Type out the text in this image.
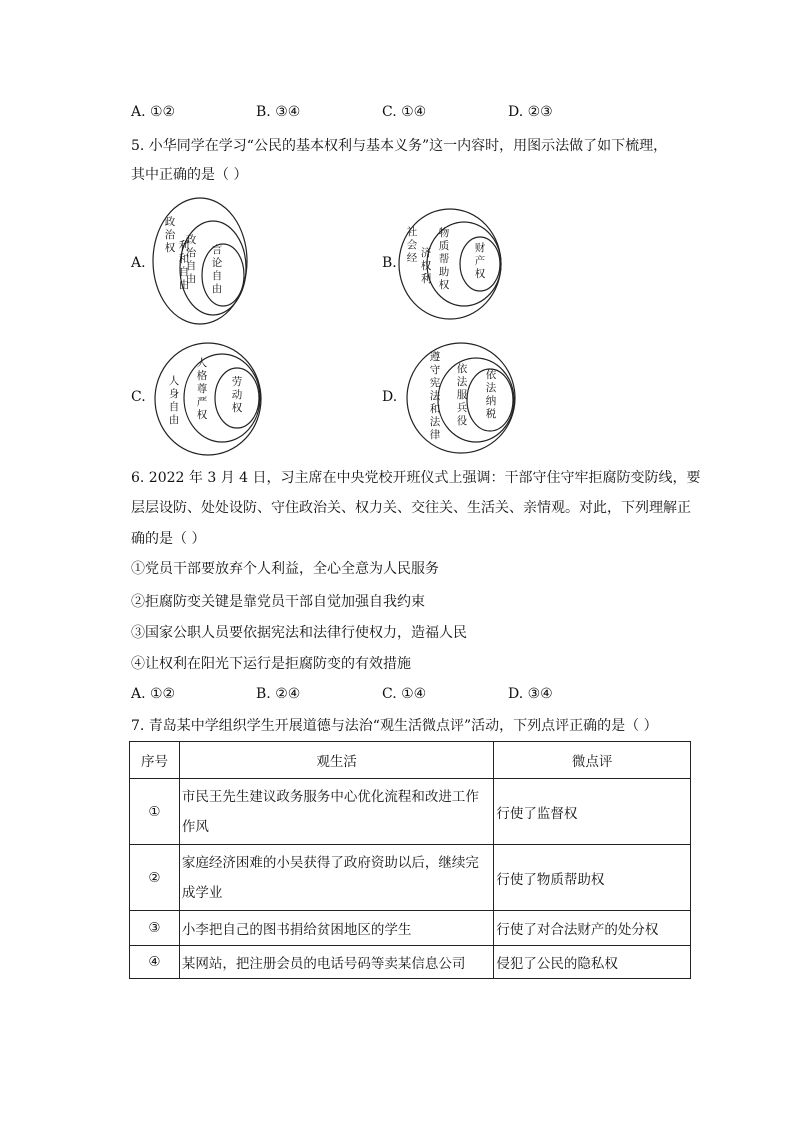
A. ①②	B. ③④	C. ①④	D. ②③
5. 小华同学在学习“公民的基本权利与基本义务”这一内容时，用图示法做了如下梳理，
其中正确的是（ ）
A.	B.
C.	D.
政
治
权 利
和
自
由
政
治
自
由
言
论
自
由
社
会
经 济
权
利
物
质
帮
助
权
财
产
权
人
身
自
由
人
格
尊
严
权
劳
动
权
遵
守
宪
法
和
法
律
依
法
服
兵
役
依
法
纳
税
6. 2022 年 3 月 4 日，习主席在中央党校开班仪式上强调：干部守住守牢拒腐防变防线，要
层层设防、处处设防、守住政治关、权力关、交往关、生活关、亲情观。对此，下列理解正
确的是（ ）
①党员干部要放弃个人利益，全心全意为人民服务
②拒腐防变关键是靠党员干部自觉加强自我约束
③国家公职人员要依据宪法和法律行使权力，造福人民
④让权利在阳光下运行是拒腐防变的有效措施
A. ①②	B. ②④	C. ①④	D. ③④
7. 青岛某中学组织学生开展道德与法治“观生活微点评”活动，下列点评正确的是（ ）
序号	观生活	微点评
①	市民王先生建议政务服务中心优化流程和改进工作作风	行使了监督权
②	家庭经济困难的小吴获得了政府资助以后，继续完成学业	行使了物质帮助权
③	小李把自己的图书捐给贫困地区的学生	行使了对合法财产的处分权
④	某网站，把注册会员的电话号码等卖某信息公司	侵犯了公民的隐私权
